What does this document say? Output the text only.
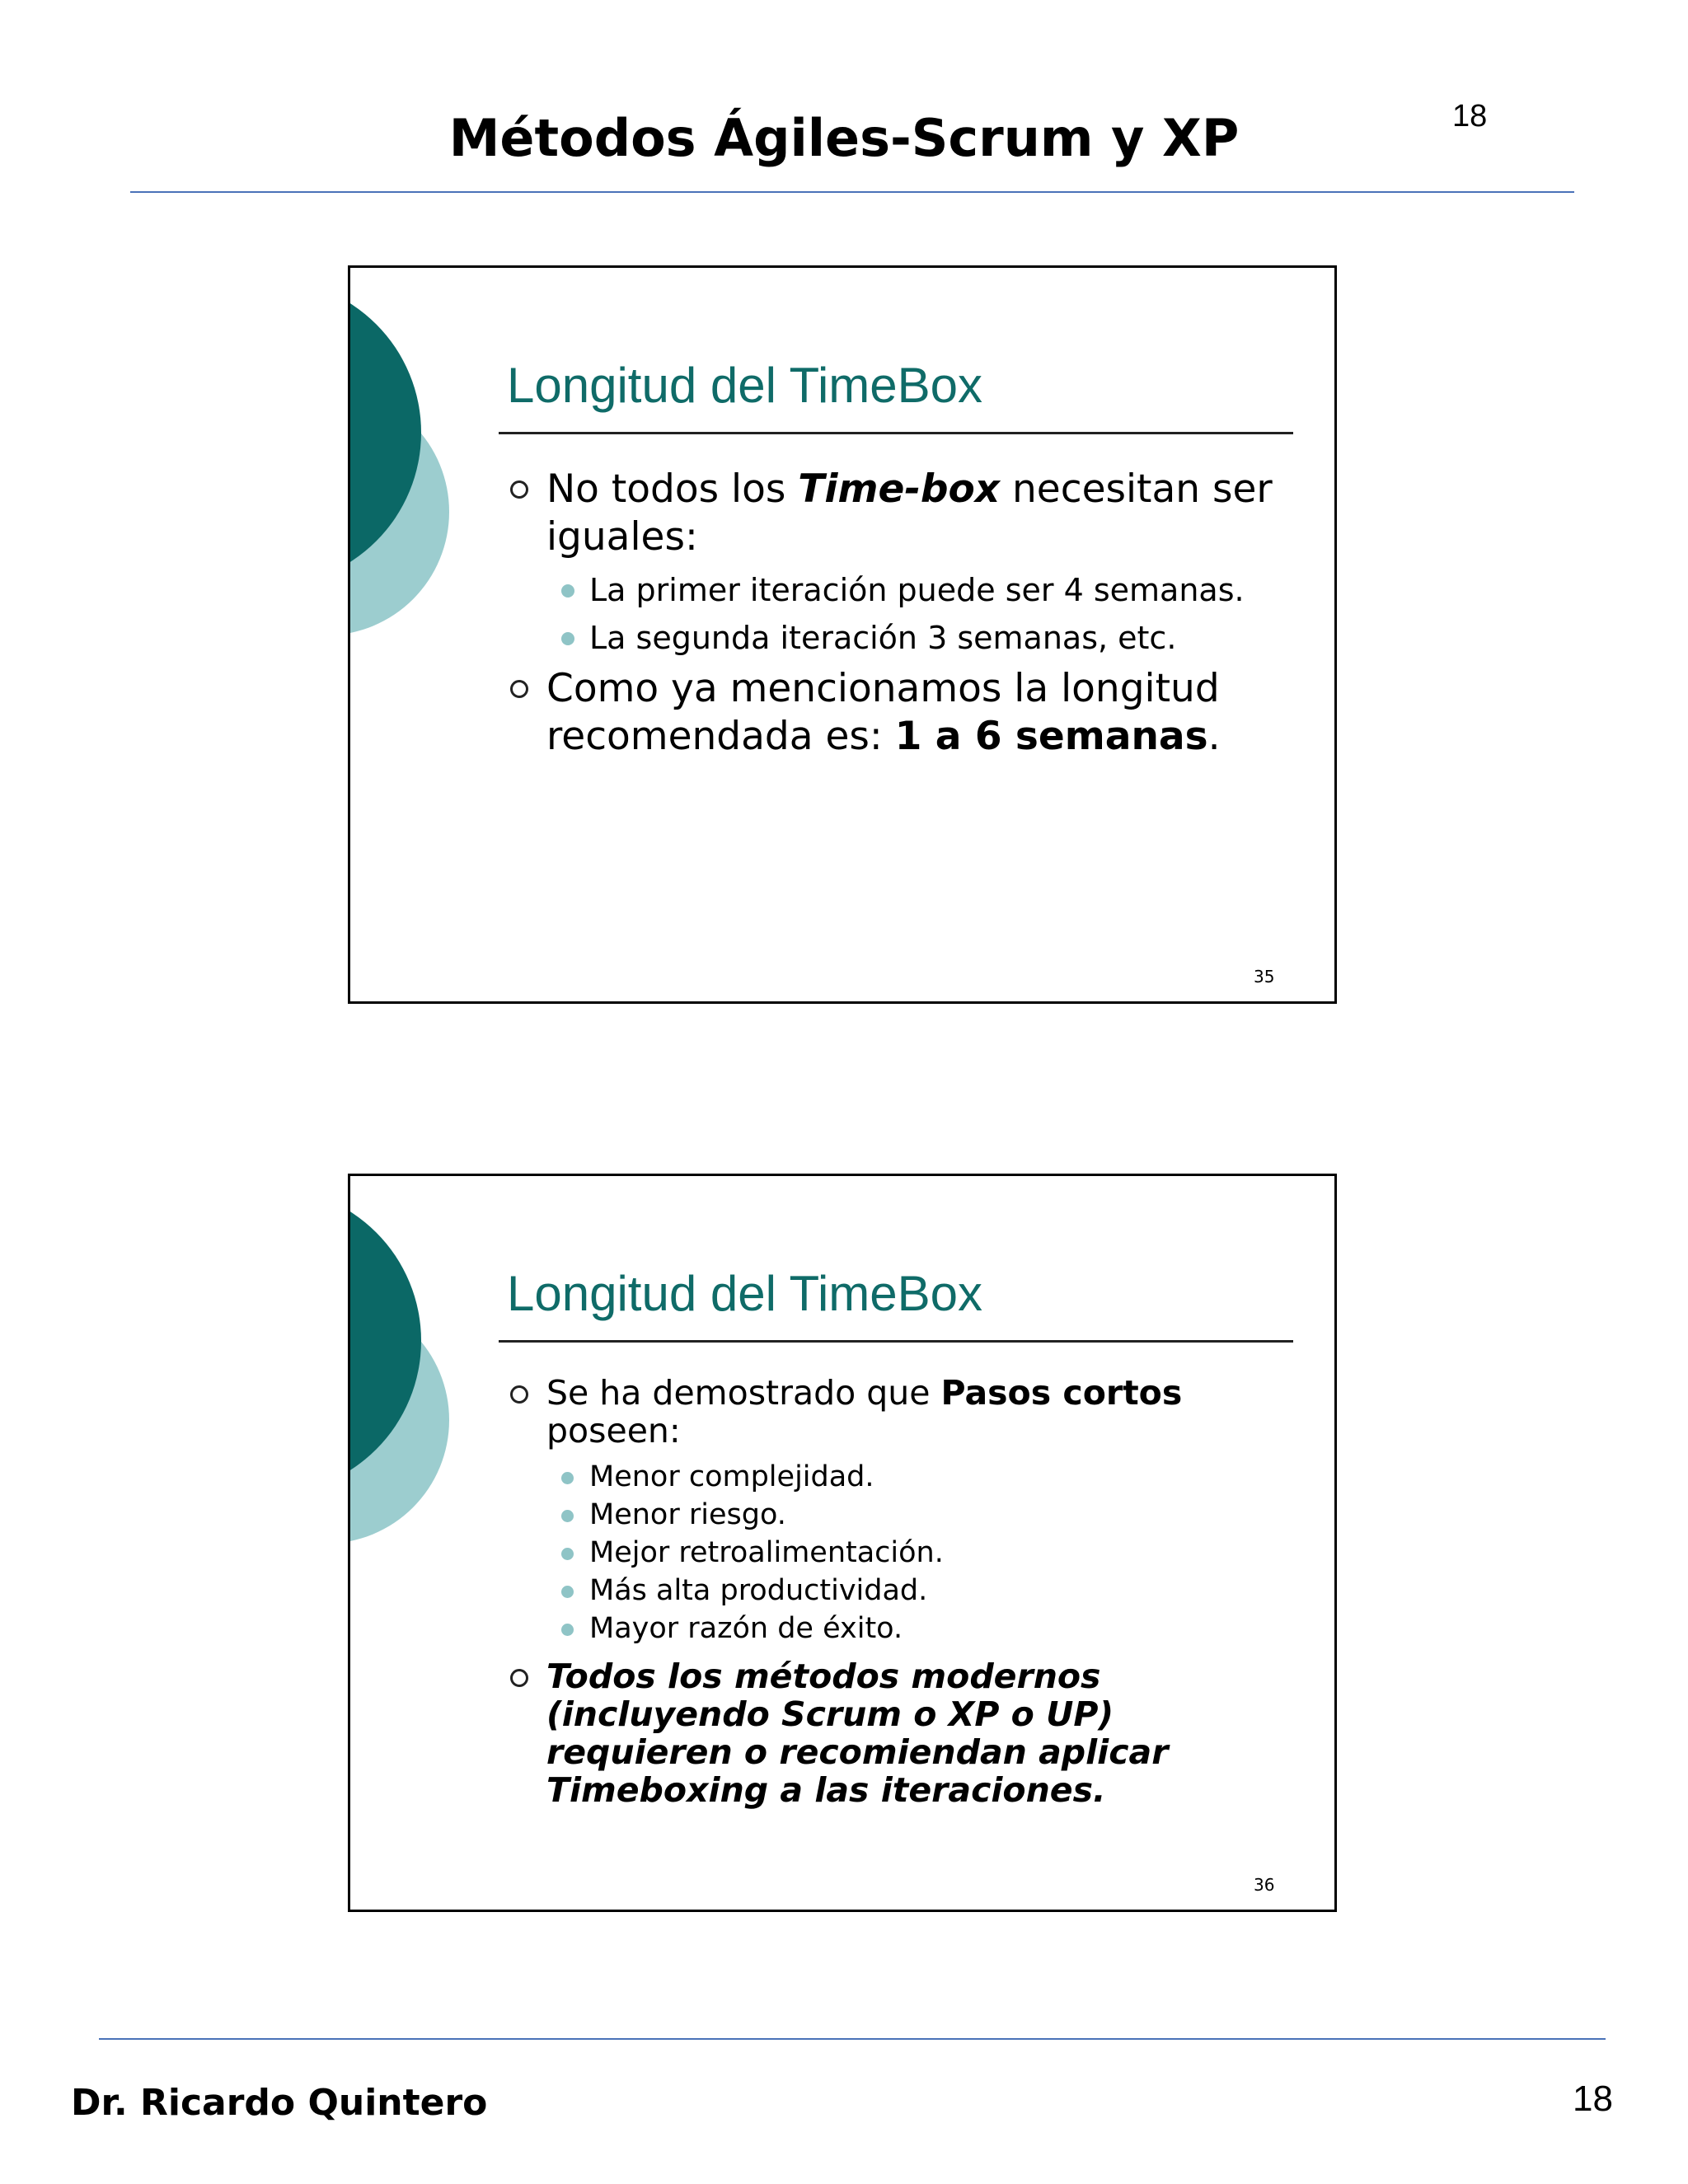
Métodos Ágiles-Scrum y XP	18
Longitud del TimeBox
No todos los Time-box necesitan ser iguales:
La primer iteración puede ser 4 semanas.
La segunda iteración 3 semanas, etc.
Como ya mencionamos la longitud recomendada es: 1 a 6 semanas.
35
Longitud del TimeBox
Se ha demostrado que Pasos cortos poseen:
Menor complejidad.
Menor riesgo.
Mejor retroalimentación.
Más alta productividad.
Mayor razón de éxito.
Todos los métodos modernos (incluyendo Scrum o XP o UP) requieren o recomiendan aplicar Timeboxing a las iteraciones.
36
Dr. Ricardo Quintero	18
